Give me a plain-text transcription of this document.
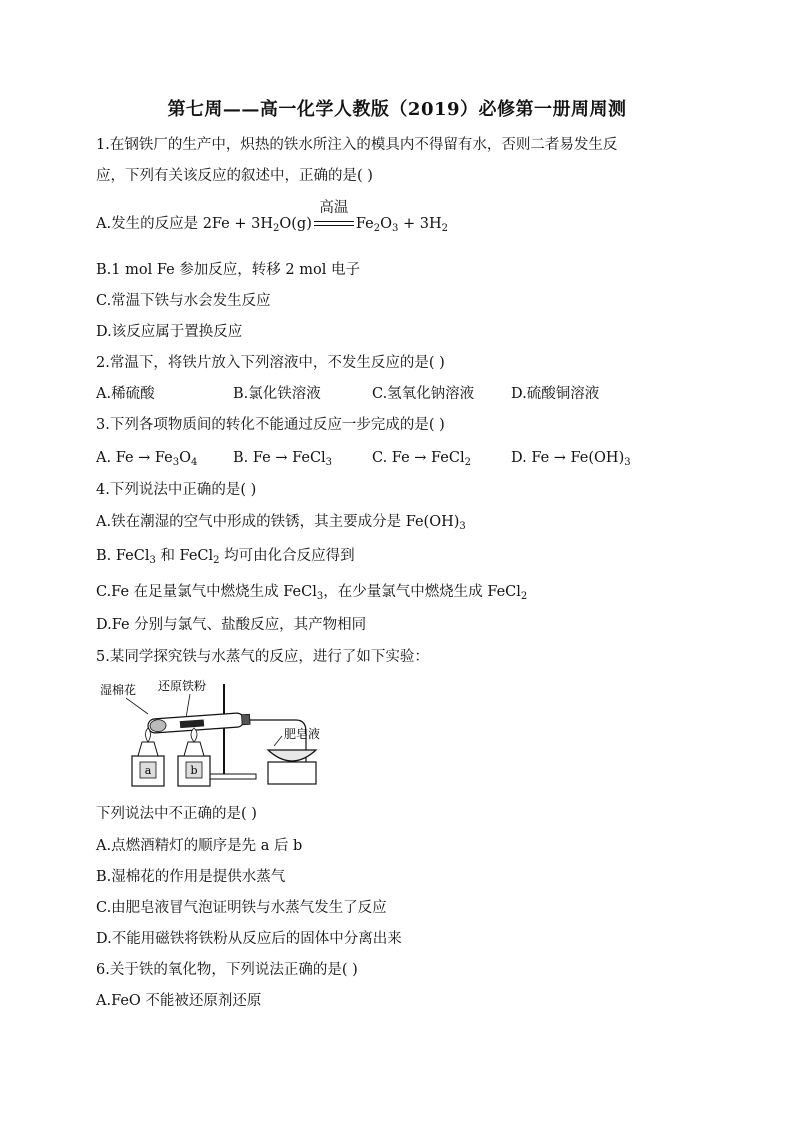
第七周——高一化学人教版（2019）必修第一册周周测
1.在钢铁厂的生产中，炽热的铁水所注入的模具内不得留有水，否则二者易发生反
应，下列有关该反应的叙述中，正确的是( )
A.发生的反应是 $2Fe + 3H_2O(g)$
高温
$Fe_2O_3 + 3H_2$
B.1 mol Fe 参加反应，转移 2 mol 电子
C.常温下铁与水会发生反应
D.该反应属于置换反应
2.常温下，将铁片放入下列溶液中，不发生反应的是( )
A.稀硫酸	B.氯化铁溶液	C.氢氧化钠溶液	D.硫酸铜溶液
3.下列各项物质间的转化不能通过反应一步完成的是( )
A. $Fe \to Fe_3O_4$ B. Fe → FeCl$_3$	C. Fe → FeCl$_2$	D. $Fe \to Fe(OH)_3$
4.下列说法中正确的是( )
A.铁在潮湿的空气中形成的铁锈，其主要成分是 $Fe(OH)_3$
B. FeCl$_3$ 和 FeCl$_2$ 均可由化合反应得到
C.Fe 在足量氯气中燃烧生成 FeCl$_3$，在少量氯气中燃烧生成 FeCl$_2$
D.Fe 分别与氯气、盐酸反应，其产物相同
5.某同学探究铁与水蒸气的反应，进行了如下实验：
湿棉花 还原铁粉
肥皂液
a	b
下列说法中不正确的是( )
A.点燃酒精灯的顺序是先 a 后 b
B.湿棉花的作用是提供水蒸气
C.由肥皂液冒气泡证明铁与水蒸气发生了反应
D.不能用磁铁将铁粉从反应后的固体中分离出来
6.关于铁的氧化物，下列说法正确的是( )
A.FeO 不能被还原剂还原
